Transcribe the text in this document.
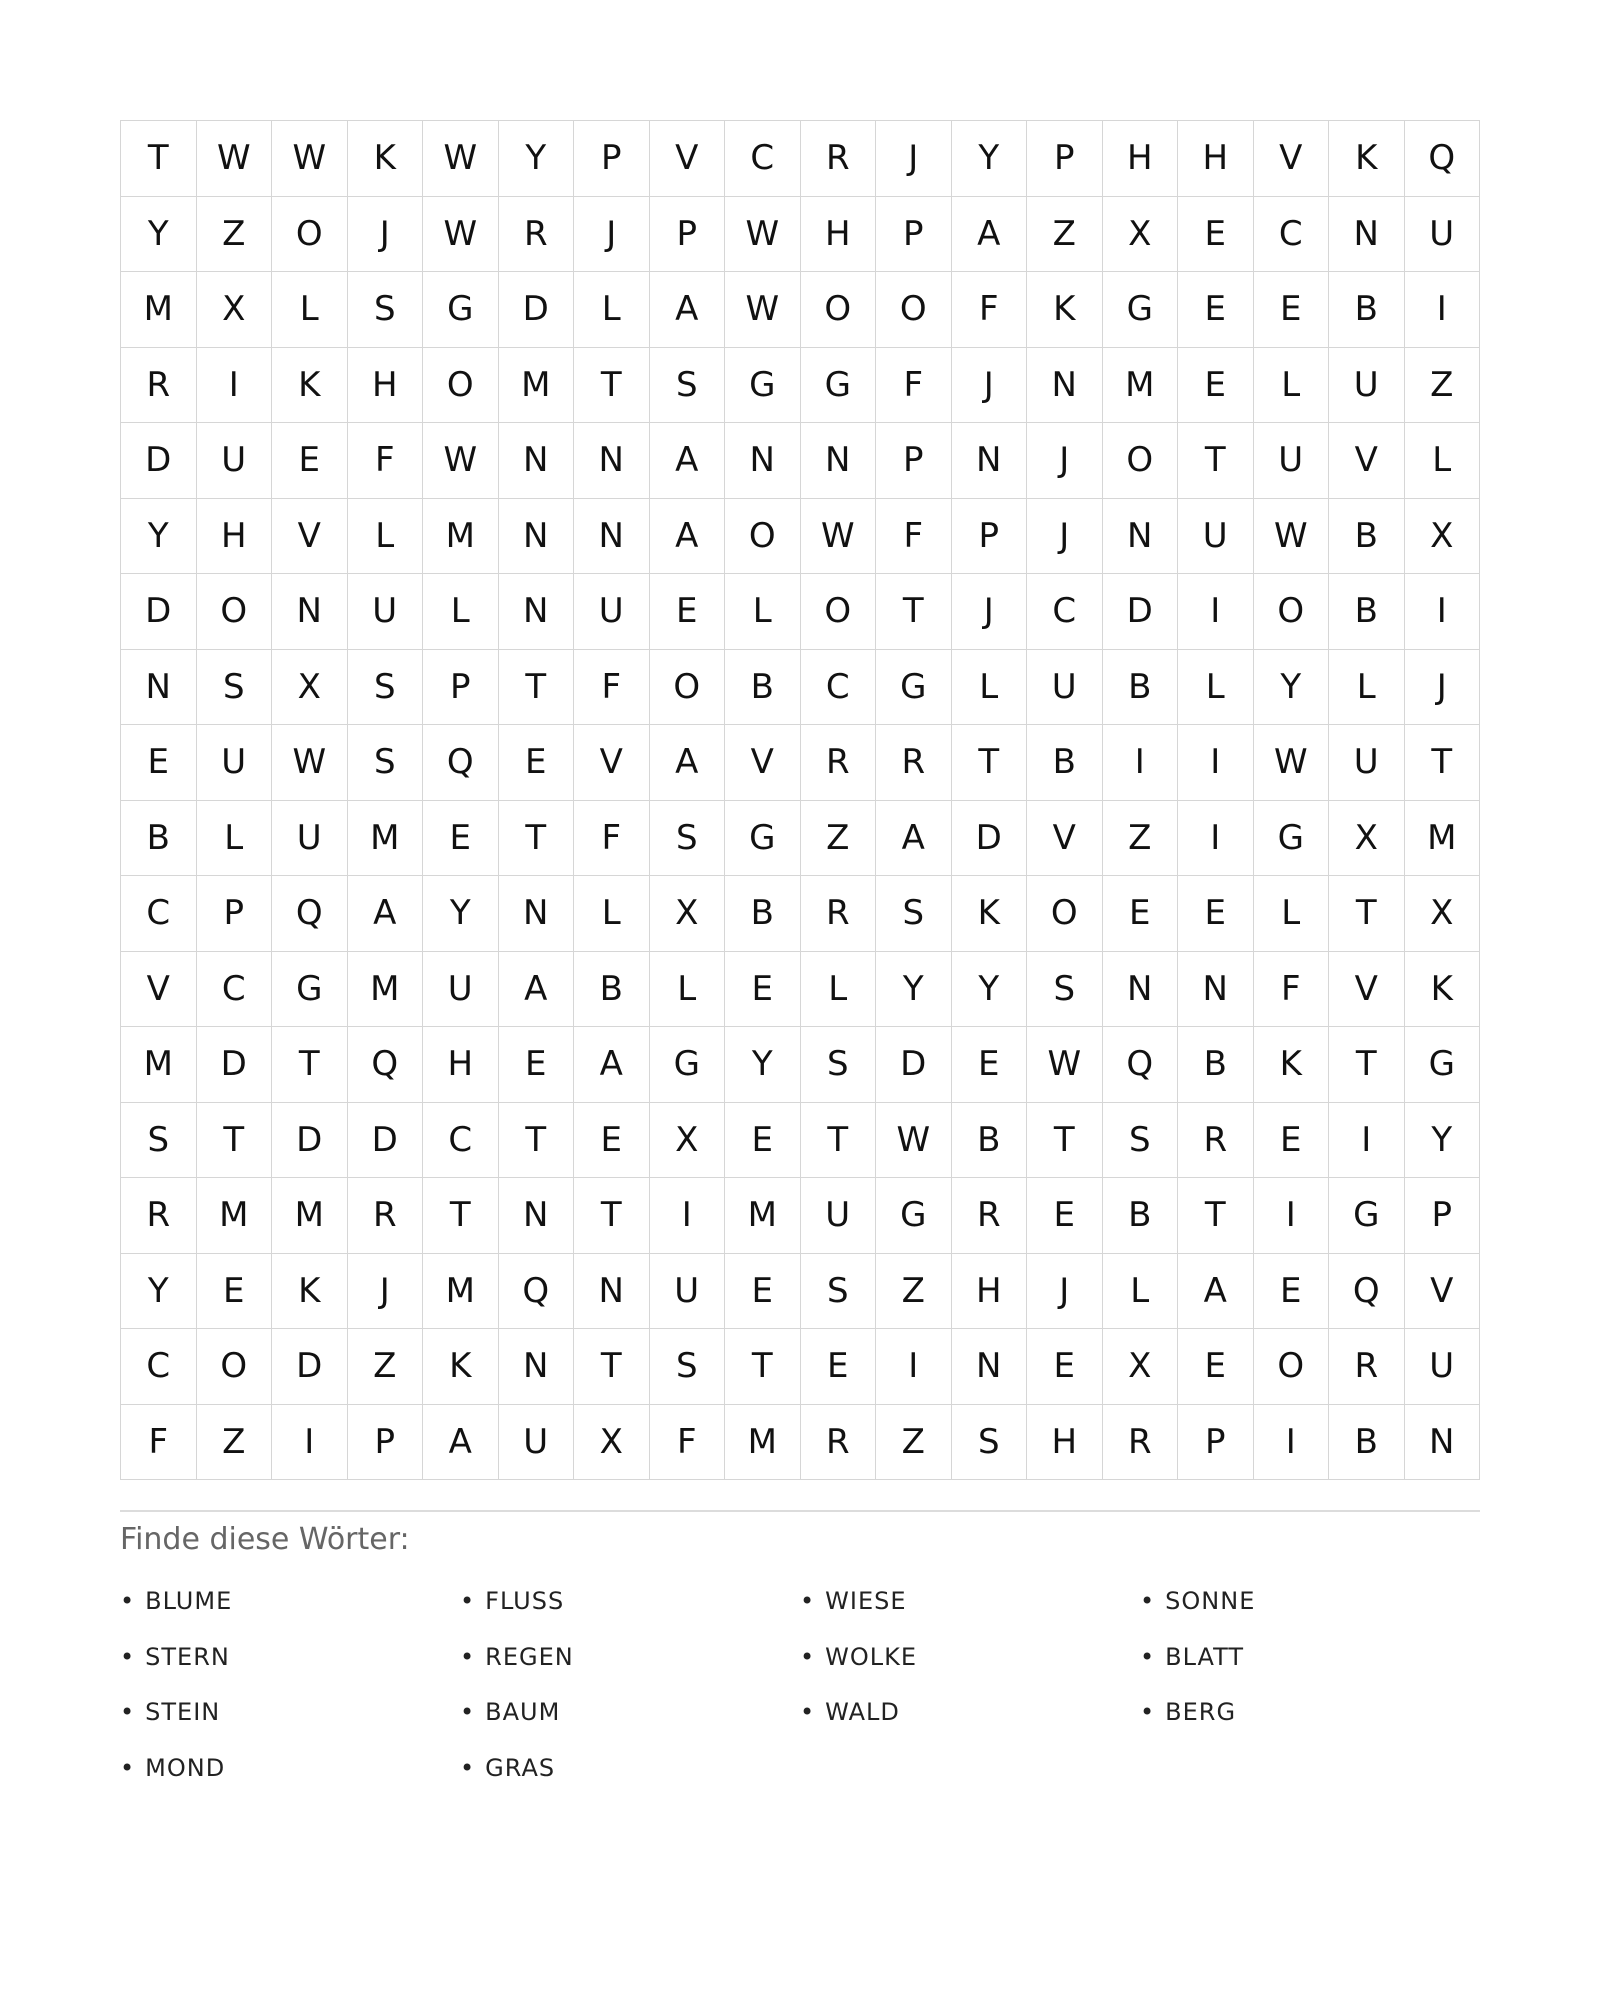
T	W	W	K	W	Y	P	V	C	R	J	Y	P	H	H	V	K	Q
Y	Z	O	J	W	R	J	P	W	H	P	A	Z	X	E	C	N	U
M	X	L	S	G	D	L	A	W	O	O	F	K	G	E	E	B	I
R	I	K	H	O	M	T	S	G	G	F	J	N	M	E	L	U	Z
D	U	E	F	W	N	N	A	N	N	P	N	J	O	T	U	V	L
Y	H	V	L	M	N	N	A	O	W	F	P	J	N	U	W	B	X
D	O	N	U	L	N	U	E	L	O	T	J	C	D	I	O	B	I
N	S	X	S	P	T	F	O	B	C	G	L	U	B	L	Y	L	J
E	U	W	S	Q	E	V	A	V	R	R	T	B	I	I	W	U	T
B	L	U	M	E	T	F	S	G	Z	A	D	V	Z	I	G	X	M
C	P	Q	A	Y	N	L	X	B	R	S	K	O	E	E	L	T	X
V	C	G	M	U	A	B	L	E	L	Y	Y	S	N	N	F	V	K
M	D	T	Q	H	E	A	G	Y	S	D	E	W	Q	B	K	T	G
S	T	D	D	C	T	E	X	E	T	W	B	T	S	R	E	I	Y
R	M	M	R	T	N	T	I	M	U	G	R	E	B	T	I	G	P
Y	E	K	J	M	Q	N	U	E	S	Z	H	J	L	A	E	Q	V
C	O	D	Z	K	N	T	S	T	E	I	N	E	X	E	O	R	U
F	Z	I	P	A	U	X	F	M	R	Z	S	H	R	P	I	B	N
Finde diese Wörter:
• BLUME	• FLUSS	• WIESE	• SONNE
• STERN	• REGEN	• WOLKE	• BLATT
• STEIN	• BAUM	• WALD	• BERG
• MOND	• GRAS
